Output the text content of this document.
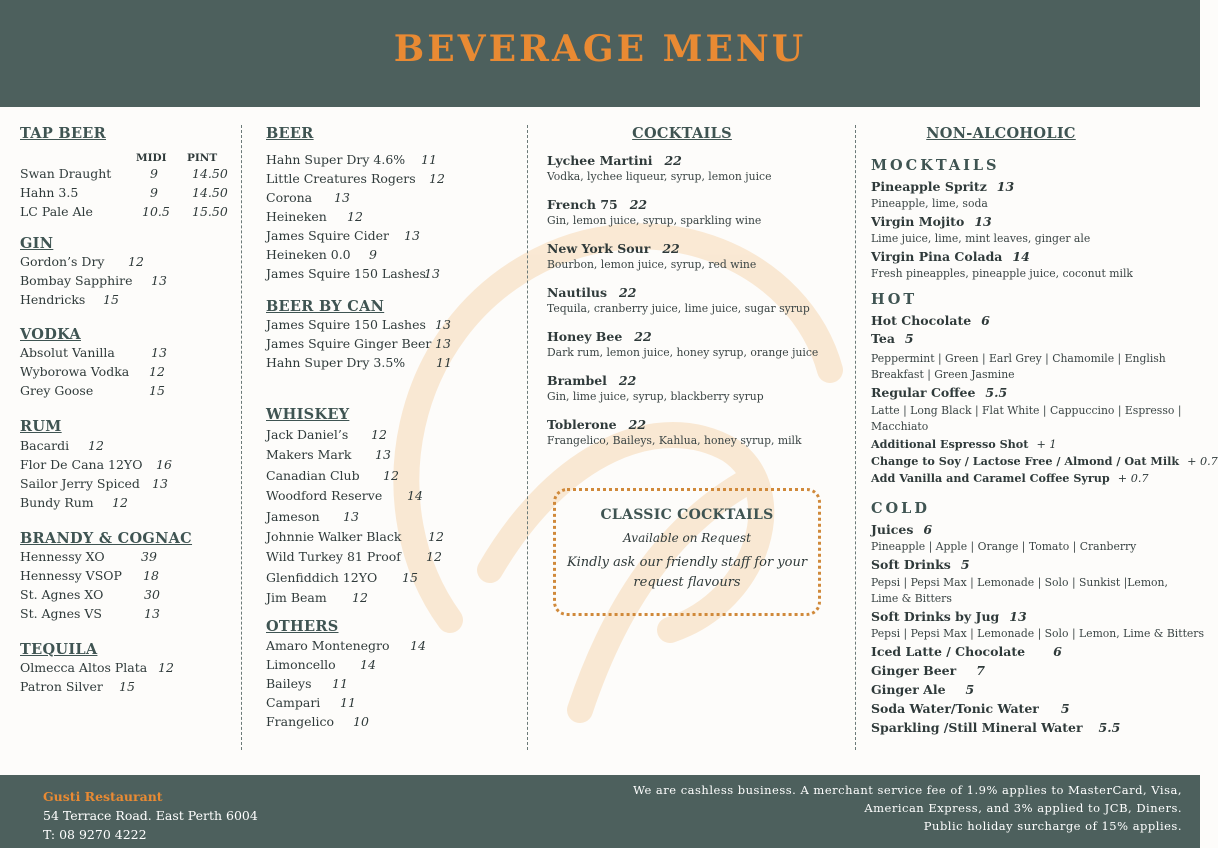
BEVERAGE MENU
TAP BEER
MIDI PINT
Swan Draught	9	14.50
Hahn 3.5	9	14.50
LC Pale Ale	10.5 15.50
GIN
Gordon’s Dry 12
Bombay Sapphire 13
Hendricks 15
VODKA
Absolut Vanilla	13
Wyborowa Vodka 12
Grey Goose	15
RUM
Bacardi 12
Flor De Cana 12YO 16
Sailor Jerry Spiced 13
Bundy Rum 12
BRANDY & COGNAC
Hennessy XO	39
Hennessy VSOP 18
St. Agnes XO	30
St. Agnes VS	13
TEQUILA
Olmecca Altos Plata 12
Patron Silver 15
BEER
Hahn Super Dry 4.6% 11
Little Creatures Rogers 12
Corona 13
Heineken 12
James Squire Cider 13
Heineken 0.0 9
James Squire 150 Lashes
13
BEER BY CAN
James Squire 150 Lashes 13
James Squire Ginger Beer 13
Hahn Super Dry 3.5% 11
WHISKEY
Jack Daniel’s 12
Makers Mark 13
Canadian Club 12
Woodford Reserve 14
Jameson 13
Johnnie Walker Black 12
Wild Turkey 81 Proof 12
Glenfiddich 12YO 15
Jim Beam 12
OTHERS
Amaro Montenegro 14
Limoncello 14
Baileys 11
Campari 11
Frangelico 10
COCKTAILS
Lychee Martini 22
Vodka, lychee liqueur, syrup, lemon juice
French 75 22
Gin, lemon juice, syrup, sparkling wine
New York Sour 22
Bourbon, lemon juice, syrup, red wine
Nautilus 22
Tequila, cranberry juice, lime juice, sugar syrup
Honey Bee 22
Dark rum, lemon juice, honey syrup, orange juice
Brambel 22
Gin, lime juice, syrup, blackberry syrup
Toblerone 22
Frangelico, Baileys, Kahlua, honey syrup, milk
CLASSIC COCKTAILS
Available on Request
Kindly ask our friendly staff for your
request flavours
NON-ALCOHOLIC
MOCKTAILS
Pineapple Spritz 13
Pineapple, lime, soda
Virgin Mojito 13
Lime juice, lime, mint leaves, ginger ale
Virgin Pina Colada 14
Fresh pineapples, pineapple juice, coconut milk
HOT
Hot Chocolate 6
Tea 5
Peppermint | Green | Earl Grey | Chamomile | English Breakfast | Green Jasmine
Regular Coffee 5.5
Latte | Long Black | Flat White | Cappuccino | Espresso | Macchiato
Additional Espresso Shot + 1
Change to Soy / Lactose Free / Almond / Oat Milk + 0.7
Add Vanilla and Caramel Coffee Syrup + 0.7
COLD
Juices 6
Pineapple | Apple | Orange | Tomato | Cranberry
Soft Drinks 5
Pepsi | Pepsi Max | Lemonade | Solo | Sunkist |Lemon, Lime & Bitters
Soft Drinks by Jug 13
Pepsi | Pepsi Max | Lemonade | Solo | Lemon, Lime & Bitters
Iced Latte / Chocolate 6
Ginger Beer 7
Ginger Ale 5
Soda Water/Tonic Water 5
Sparkling /Still Mineral Water 5.5
Gusti Restaurant
54 Terrace Road. East Perth 6004
T: 08 9270 4222
We are cashless business. A merchant service fee of 1.9% applies to MasterCard, Visa,
American Express, and 3% applied to JCB, Diners.
Public holiday surcharge of 15% applies.
